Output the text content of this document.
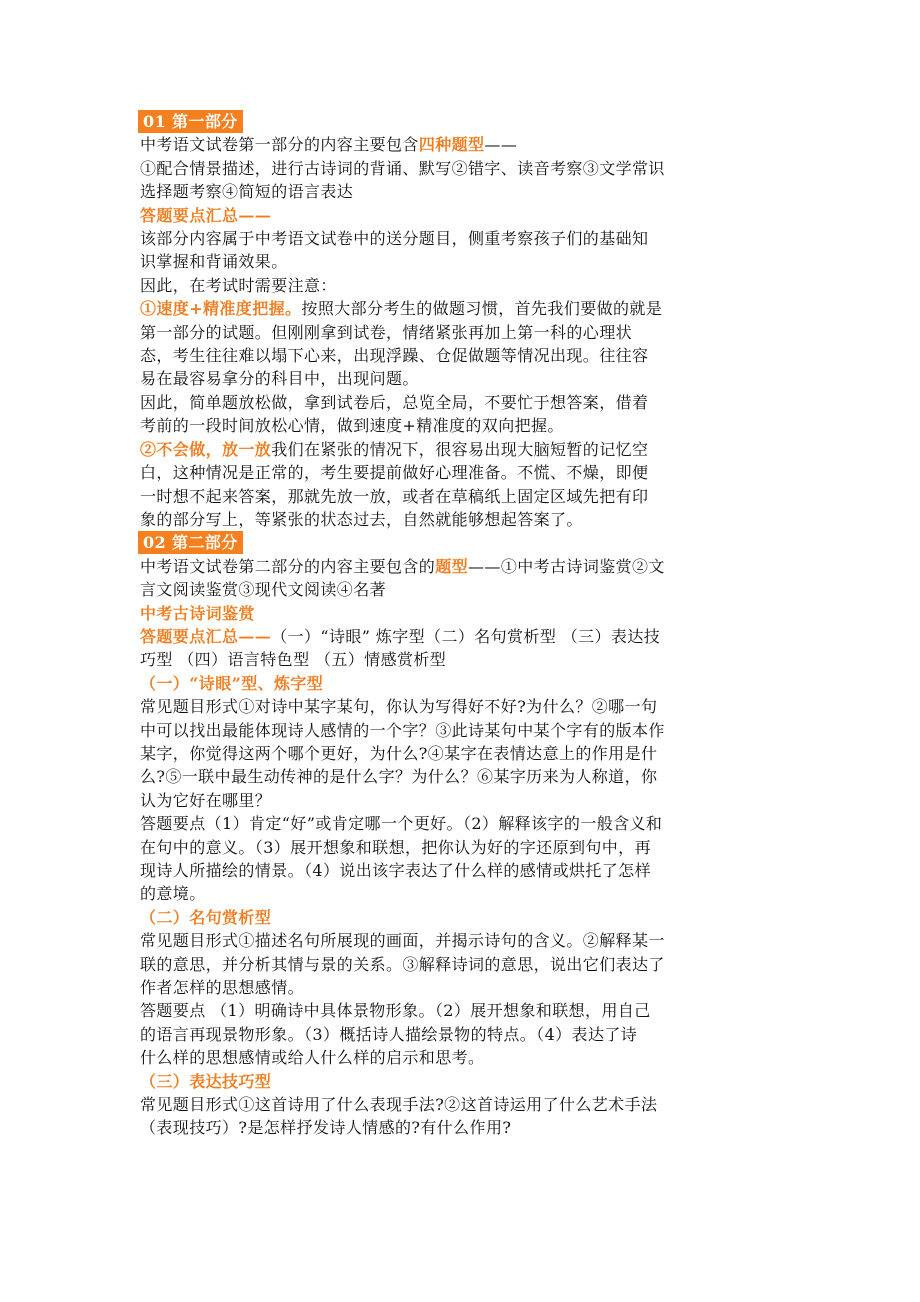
01 第一部分
中考语文试卷第一部分的内容主要包含四种题型——
①配合情景描述，进行古诗词的背诵、默写②错字、读音考察③文学常识
选择题考察④简短的语言表达
答题要点汇总——
该部分内容属于中考语文试卷中的送分题目，侧重考察孩子们的基础知
识掌握和背诵效果。
因此，在考试时需要注意：
①速度+精准度把握。按照大部分考生的做题习惯，首先我们要做的就是
第一部分的试题。但刚刚拿到试卷，情绪紧张再加上第一科的心理状
态，考生往往难以塌下心来，出现浮躁、仓促做题等情况出现。往往容
易在最容易拿分的科目中，出现问题。
因此，简单题放松做，拿到试卷后，总览全局，不要忙于想答案，借着
考前的一段时间放松心情，做到速度+精准度的双向把握。
②不会做，放一放我们在紧张的情况下，很容易出现大脑短暂的记忆空
白，这种情况是正常的，考生要提前做好心理准备。不慌、不燥，即便
一时想不起来答案，那就先放一放，或者在草稿纸上固定区域先把有印
象的部分写上，等紧张的状态过去，自然就能够想起答案了。
02 第二部分
中考语文试卷第二部分的内容主要包含的题型——①中考古诗词鉴赏②文
言文阅读鉴赏③现代文阅读④名著
中考古诗词鉴赏
答题要点汇总——（一）“诗眼” 炼字型（二）名句赏析型 （三）表达技
巧型 （四）语言特色型 （五）情感赏析型
（一）“诗眼”型、炼字型
常见题目形式①对诗中某字某句，你认为写得好不好?为什么？②哪一句
中可以找出最能体现诗人感情的一个字？③此诗某句中某个字有的版本作
某字，你觉得这两个哪个更好，为什么?④某字在表情达意上的作用是什
么?⑤一联中最生动传神的是什么字？为什么？⑥某字历来为人称道，你
认为它好在哪里？
答题要点（1）肯定“好”或肯定哪一个更好。（2）解释该字的一般含义和
在句中的意义。（3）展开想象和联想，把你认为好的字还原到句中，再
现诗人所描绘的情景。（4）说出该字表达了什么样的感情或烘托了怎样
的意境。
（二）名句赏析型
常见题目形式①描述名句所展现的画面，并揭示诗句的含义。②解释某一
联的意思，并分析其情与景的关系。③解释诗词的意思，说出它们表达了
作者怎样的思想感情。
答题要点 （1）明确诗中具体景物形象。（2）展开想象和联想，用自己
的语言再现景物形象。（3）概括诗人描绘景物的特点。（4）表达了诗
什么样的思想感情或给人什么样的启示和思考。
（三）表达技巧型
常见题目形式①这首诗用了什么表现手法?②这首诗运用了什么艺术手法
（表现技巧）?是怎样抒发诗人情感的?有什么作用?
